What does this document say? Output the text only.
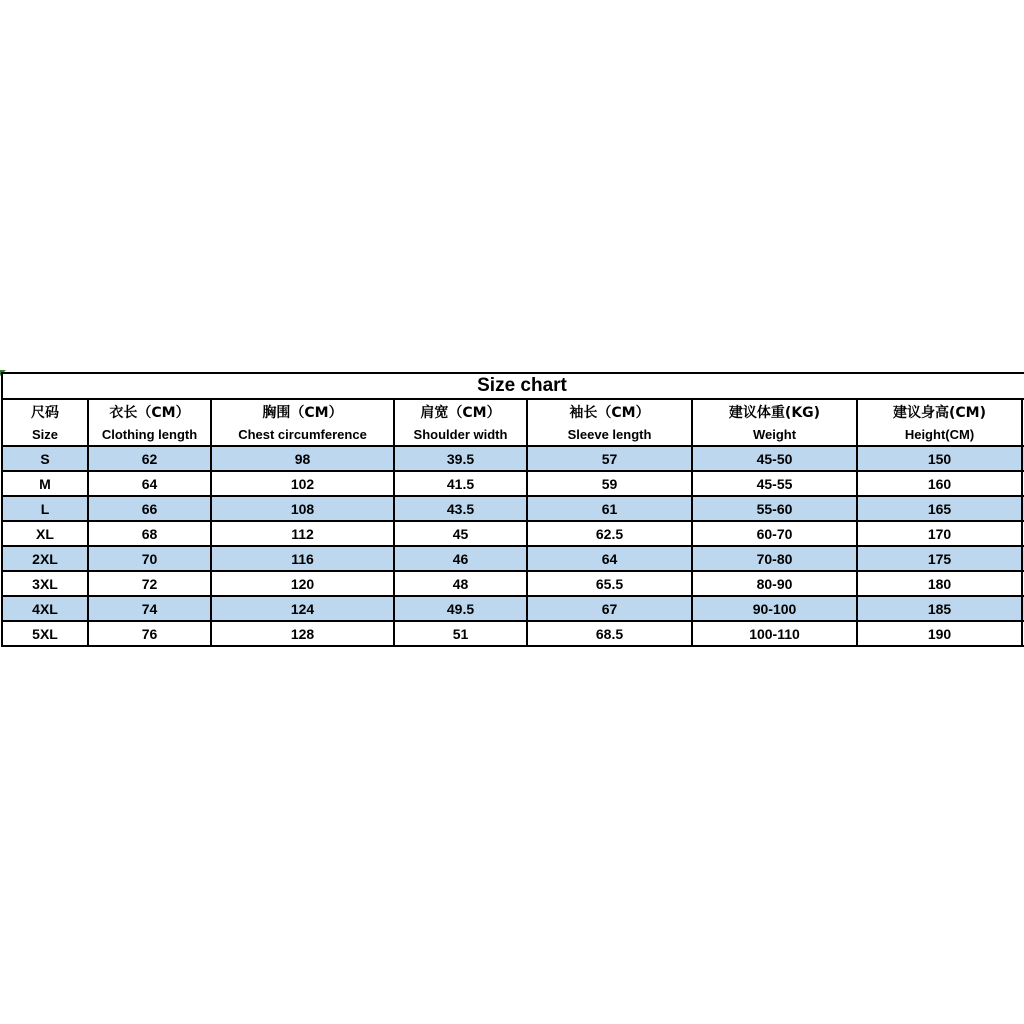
Size chart							
尺码	衣长（CM）	胸围（CM）	肩宽（CM）	袖长（CM）	建议体重(KG)	建议身高(CM)	
Size	Clothing length	Chest circumference	Shoulder width	Sleeve length	Weight	Height(CM)	
S	62	98	39.5	57	45-50	150	
M	64	102	41.5	59	45-55	160	
L	66	108	43.5	61	55-60	165	
XL	68	112	45	62.5	60-70	170	
2XL	70	116	46	64	70-80	175	
3XL	72	120	48	65.5	80-90	180	
4XL	74	124	49.5	67	90-100	185	
5XL	76	128	51	68.5	100-110	190	
